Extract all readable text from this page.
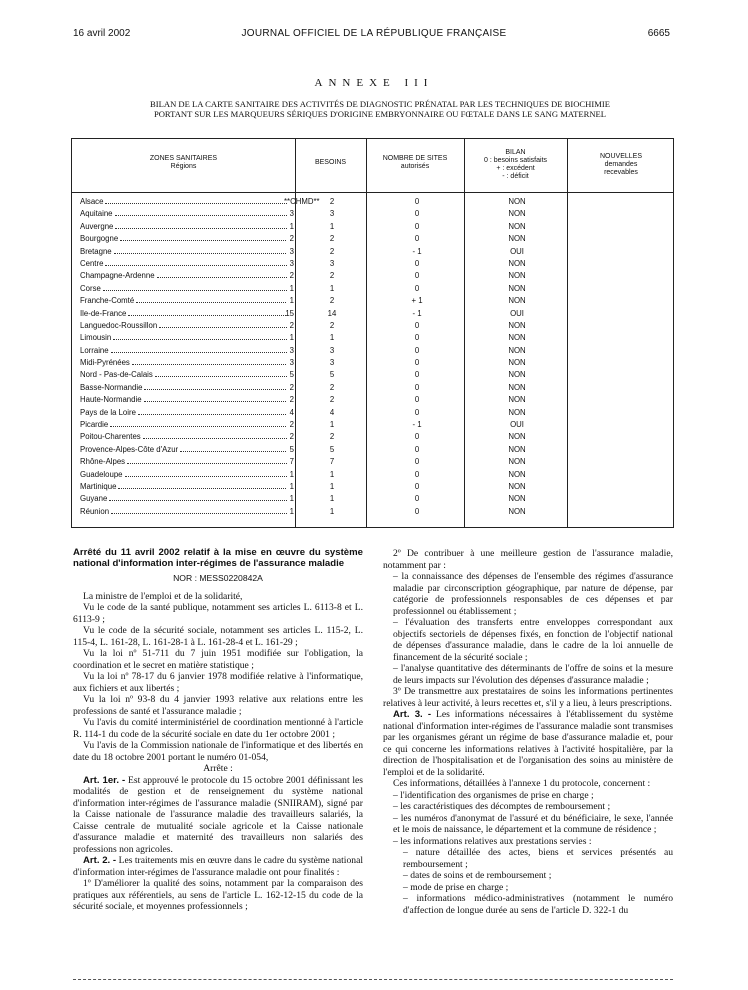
16 avril 2002	JOURNAL OFFICIEL DE LA RÉPUBLIQUE FRANÇAISE	6665
ANNEXE III
BILAN DE LA CARTE SANITAIRE DES ACTIVITÉS DE DIAGNOSTIC PRÉNATAL PAR LES TECHNIQUES DE BIOCHIMIE
PORTANT SUR LES MARQUEURS SÉRIQUES D'ORIGINE EMBRYONNAIRE OU FŒTALE DANS LE SANG MATERNEL
ZONES SANITAIRES
Régions
BESOINS
NOMBRE DE SITES
autorisés
BILAN
0 : besoins satisfaits
+ : excédent
- : déficit
NOUVELLES
demandes
recevables
Alsace	**CHMD**	2	0	NON
Aquitaine	3	3	0	NON
Auvergne	1	1	0	NON
Bourgogne	2	2	0	NON
Bretagne	3	2	- 1	OUI
Centre	3	3	0	NON
Champagne-Ardenne	2	2	0	NON
Corse	1	1	0	NON
Franche-Comté	1	2	+ 1	NON
Ile-de-France	15	14	- 1	OUI
Languedoc-Roussillon	2	2	0	NON
Limousin	1	1	0	NON
Lorraine	3	3	0	NON
Midi-Pyrénées	3	3	0	NON
Nord - Pas-de-Calais	5	5	0	NON
Basse-Normandie	2	2	0	NON
Haute-Normandie	2	2	0	NON
Pays de la Loire	4	4	0	NON
Picardie	2	1	- 1	OUI
Poitou-Charentes	2	2	0	NON
Provence-Alpes-Côte d'Azur	5	5	0	NON
Rhône-Alpes	7	7	0	NON
Guadeloupe	1	1	0	NON
Martinique	1	1	0	NON
Guyane	1	1	0	NON
Réunion	1	1	0	NON

Arrêté du 11 avril 2002 relatif à la mise en œuvre du système national d'information inter-régimes de l'assurance maladie

NOR : MESS0220842A

La ministre de l'emploi et de la solidarité,

Vu le code de la santé publique, notamment ses articles L. 6113-8 et L. 6113-9 ;

Vu le code de la sécurité sociale, notamment ses articles L. 115-2, L. 115-4, L. 161-28, L. 161-28-1 à L. 161-28-4 et L. 161-29 ;

Vu la loi nº 51-711 du 7 juin 1951 modifiée sur l'obligation, la coordination et le secret en matière statistique ;

Vu la loi nº 78-17 du 6 janvier 1978 modifiée relative à l'informatique, aux fichiers et aux libertés ;

Vu la loi nº 93-8 du 4 janvier 1993 relative aux relations entre les professions de santé et l'assurance maladie ;

Vu l'avis du comité interministériel de coordination mentionné à l'article R. 114-1 du code de la sécurité sociale en date du 1er octobre 2001 ;

Vu l'avis de la Commission nationale de l'informatique et des libertés en date du 18 octobre 2001 portant le numéro 01-054,

Arrête :

Art. 1er. - Est approuvé le protocole du 15 octobre 2001 définissant les modalités de gestion et de renseignement du système national d'information inter-régimes de l'assurance maladie (SNIIRAM), signé par la Caisse nationale de l'assurance maladie des travailleurs salariés, la Caisse centrale de mutualité sociale agricole et la Caisse nationale d'assurance maladie et maternité des travailleurs non salariés des professions non agricoles.

Art. 2. - Les traitements mis en œuvre dans le cadre du système national d'information inter-régimes de l'assurance maladie ont pour finalités :

1º D'améliorer la qualité des soins, notamment par la comparaison des pratiques aux référentiels, au sens de l'article L. 162-12-15 du code de la sécurité sociale, et moyennes professionnels ;

2º De contribuer à une meilleure gestion de l'assurance maladie, notamment par :

– la connaissance des dépenses de l'ensemble des régimes d'assurance maladie par circonscription géographique, par nature de dépense, par catégorie de professionnels responsables de ces dépenses et par professionnel ou établissement ;

– l'évaluation des transferts entre enveloppes correspondant aux objectifs sectoriels de dépenses fixés, en fonction de l'objectif national de dépenses d'assurance maladie, dans le cadre de la loi annuelle de financement de la sécurité sociale ;

– l'analyse quantitative des déterminants de l'offre de soins et la mesure de leurs impacts sur l'évolution des dépenses d'assurance maladie ;

3º De transmettre aux prestataires de soins les informations pertinentes relatives à leur activité, à leurs recettes et, s'il y a lieu, à leurs prescriptions.

Art. 3. - Les informations nécessaires à l'établissement du système national d'information inter-régimes de l'assurance maladie sont transmises par les organismes gérant un régime de base d'assurance maladie et, pour ce qui concerne les informations relatives à l'activité hospitalière, par la direction de l'hospitalisation et de l'organisation des soins au ministère de l'emploi et de la solidarité.

Ces informations, détaillées à l'annexe 1 du protocole, concernent :

– l'identification des organismes de prise en charge ;

– les caractéristiques des décomptes de remboursement ;

– les numéros d'anonymat de l'assuré et du bénéficiaire, le sexe, l'année et le mois de naissance, le département et la commune de résidence ;

– les informations relatives aux prestations servies :

– nature détaillée des actes, biens et services présentés au remboursement ;

– dates de soins et de remboursement ;

– mode de prise en charge ;

– informations médico-administratives (notamment le numéro d'affection de longue durée au sens de l'article D. 322-1 du
